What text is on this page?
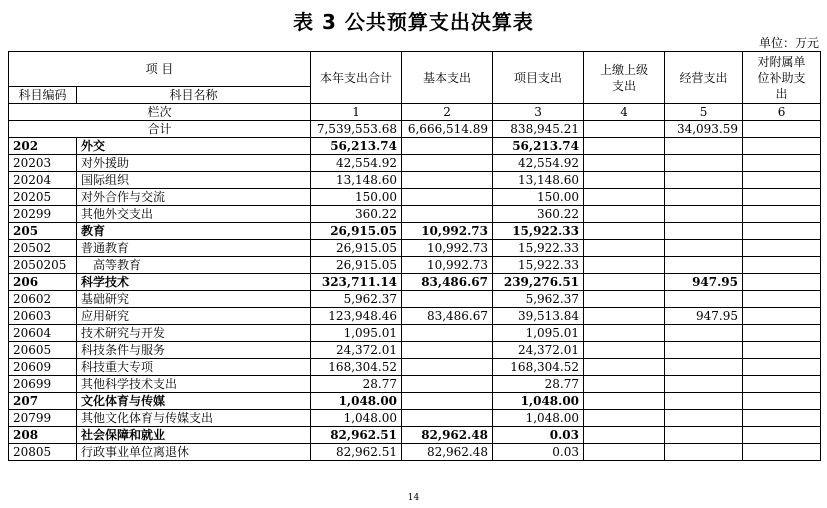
表 3 公共预算支出决算表
单位：万元
项 目		本年支出合计	基本支出	项目支出	上缴上级支出	经营支出	对附属单位补助支出
科目编码	科目名称						
栏次		1	2	3	4	5	6
合计		7,539,553.68	6,666,514.89	838,945.21		34,093.59	
202	外交	56,213.74		56,213.74			
20203	对外援助	42,554.92		42,554.92			
20204	国际组织	13,148.60		13,148.60			
20205	对外合作与交流	150.00		150.00			
20299	其他外交支出	360.22		360.22			
205	教育	26,915.05	10,992.73	15,922.33			
20502	普通教育	26,915.05	10,992.73	15,922.33			
2050205	高等教育	26,915.05	10,992.73	15,922.33			
206	科学技术	323,711.14	83,486.67	239,276.51		947.95	
20602	基础研究	5,962.37		5,962.37			
20603	应用研究	123,948.46	83,486.67	39,513.84		947.95	
20604	技术研究与开发	1,095.01		1,095.01			
20605	科技条件与服务	24,372.01		24,372.01			
20609	科技重大专项	168,304.52		168,304.52			
20699	其他科学技术支出	28.77		28.77			
207	文化体育与传媒	1,048.00		1,048.00			
20799	其他文化体育与传媒支出	1,048.00		1,048.00			
208	社会保障和就业	82,962.51	82,962.48	0.03			
20805	行政事业单位离退休	82,962.51	82,962.48	0.03			
14
